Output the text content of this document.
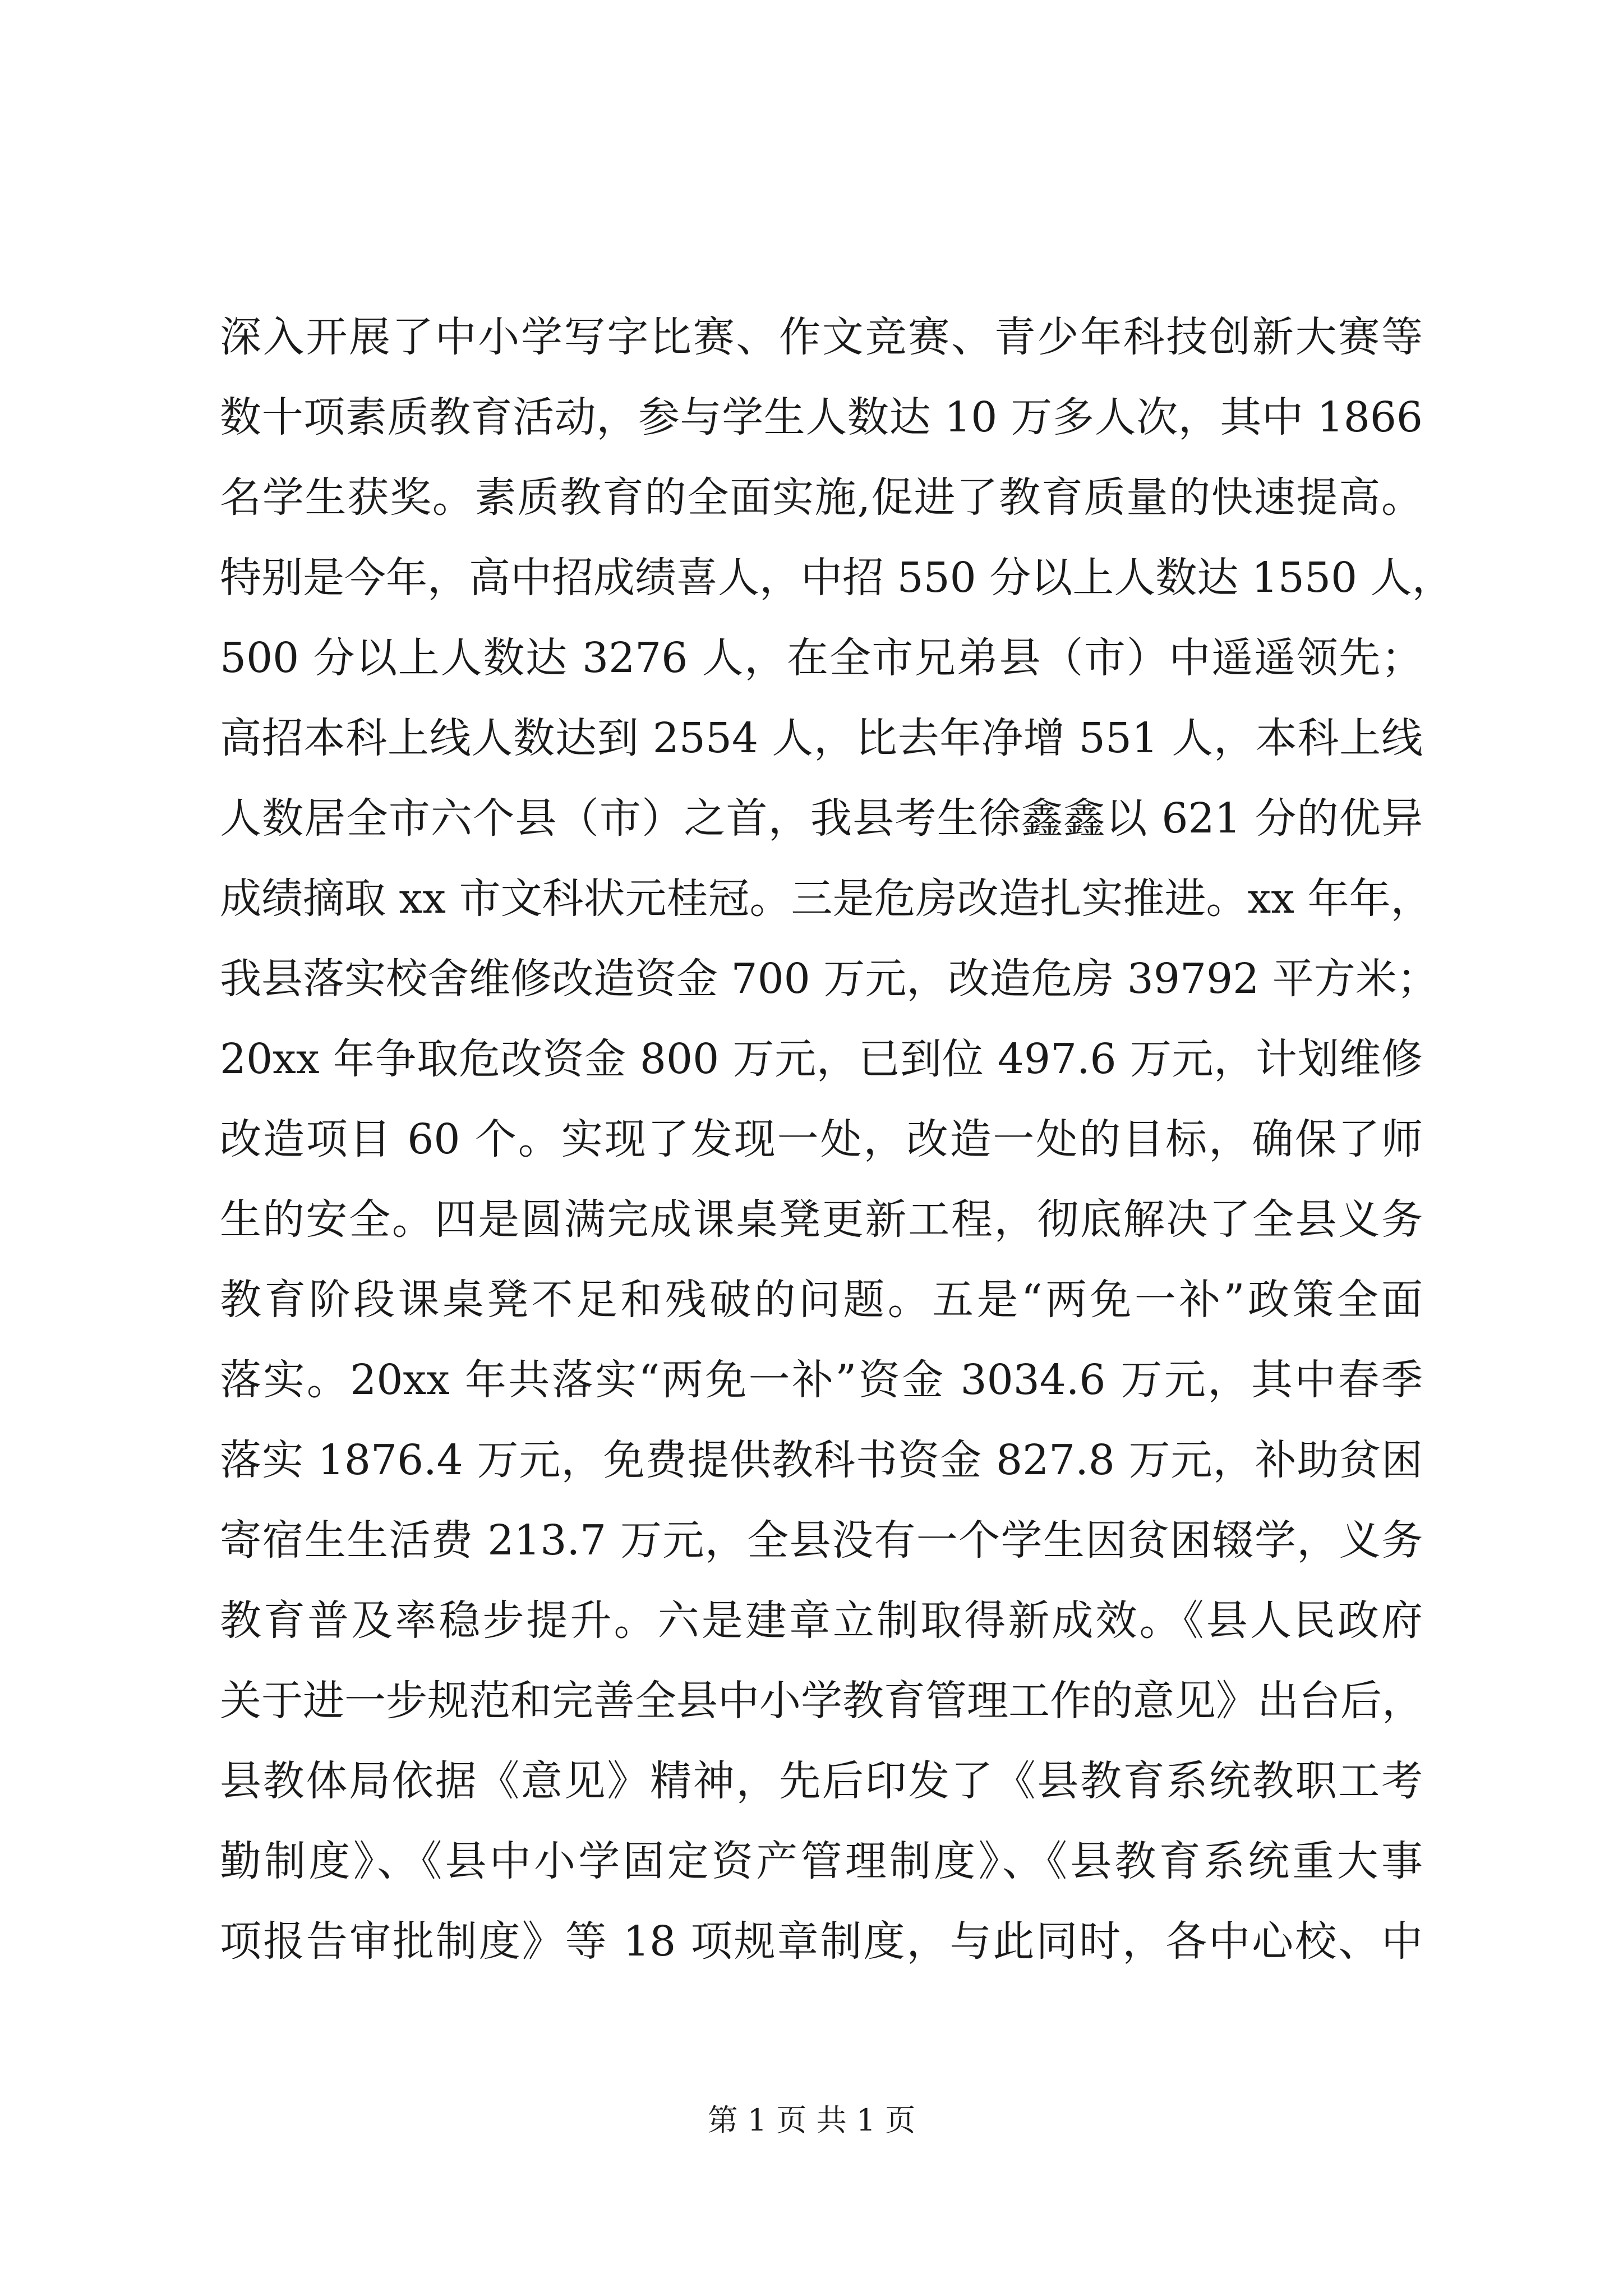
深入开展了中小学写字比赛、作文竞赛、青少年科技创新大赛等
数十项素质教育活动，参与学生人数达 10 万多人次，其中 1866
名学生获奖。素质教育的全面实施,促进了教育质量的快速提高。
特别是今年，高中招成绩喜人，中招 550 分以上人数达 1550 人，
500 分以上人数达 3276 人，在全市兄弟县（市）中遥遥领先；
高招本科上线人数达到 2554 人，比去年净增 551 人，本科上线
人数居全市六个县（市）之首，我县考生徐鑫鑫以 621 分的优异
成绩摘取 xx 市文科状元桂冠。三是危房改造扎实推进。xx 年年，
我县落实校舍维修改造资金 700 万元，改造危房 39792 平方米；
20xx 年争取危改资金 800 万元，已到位 497.6 万元，计划维修
改造项目 60 个。实现了发现一处，改造一处的目标，确保了师
生的安全。四是圆满完成课桌凳更新工程，彻底解决了全县义务
教育阶段课桌凳不足和残破的问题。五是“两免一补”政策全面
落实。20xx 年共落实“两免一补”资金 3034.6 万元，其中春季
落实 1876.4 万元，免费提供教科书资金 827.8 万元，补助贫困
寄宿生生活费 213.7 万元，全县没有一个学生因贫困辍学，义务
教育普及率稳步提升。六是建章立制取得新成效。《县人民政府
关于进一步规范和完善全县中小学教育管理工作的意见》出台后，
县教体局依据《意见》精神，先后印发了《县教育系统教职工考
勤制度》、《县中小学固定资产管理制度》、《县教育系统重大事
项报告审批制度》等 18 项规章制度，与此同时，各中心校、中
第 1 页 共 1 页
